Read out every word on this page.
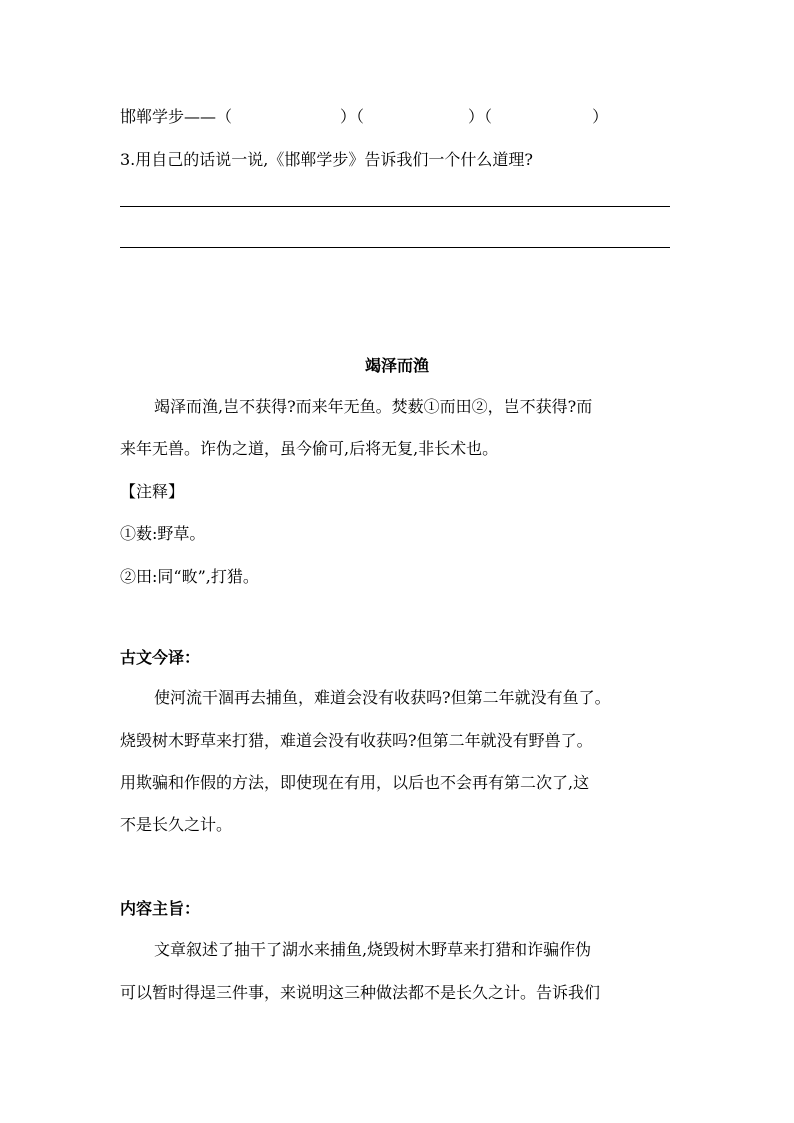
邯郸学步——（	）（	）（	）
3.用自己的话说一说,《邯郸学步》告诉我们一个什么道理?
竭泽而渔
竭泽而渔,岂不获得?而来年无鱼。焚薮①而田②，岂不获得?而
来年无兽。诈伪之道，虽今偷可,后将无复,非长术也。
【注释】
①薮:野草。
②田:同“畋”,打猎。
古文今译：
使河流干涸再去捕鱼，难道会没有收获吗?但第二年就没有鱼了。
烧毁树木野草来打猎，难道会没有收获吗?但第二年就没有野兽了。
用欺骗和作假的方法，即使现在有用，以后也不会再有第二次了,这
不是长久之计。
内容主旨：
文章叙述了抽干了湖水来捕鱼,烧毁树木野草来打猎和诈骗作伪
可以暂时得逞三件事，来说明这三种做法都不是长久之计。告诉我们
